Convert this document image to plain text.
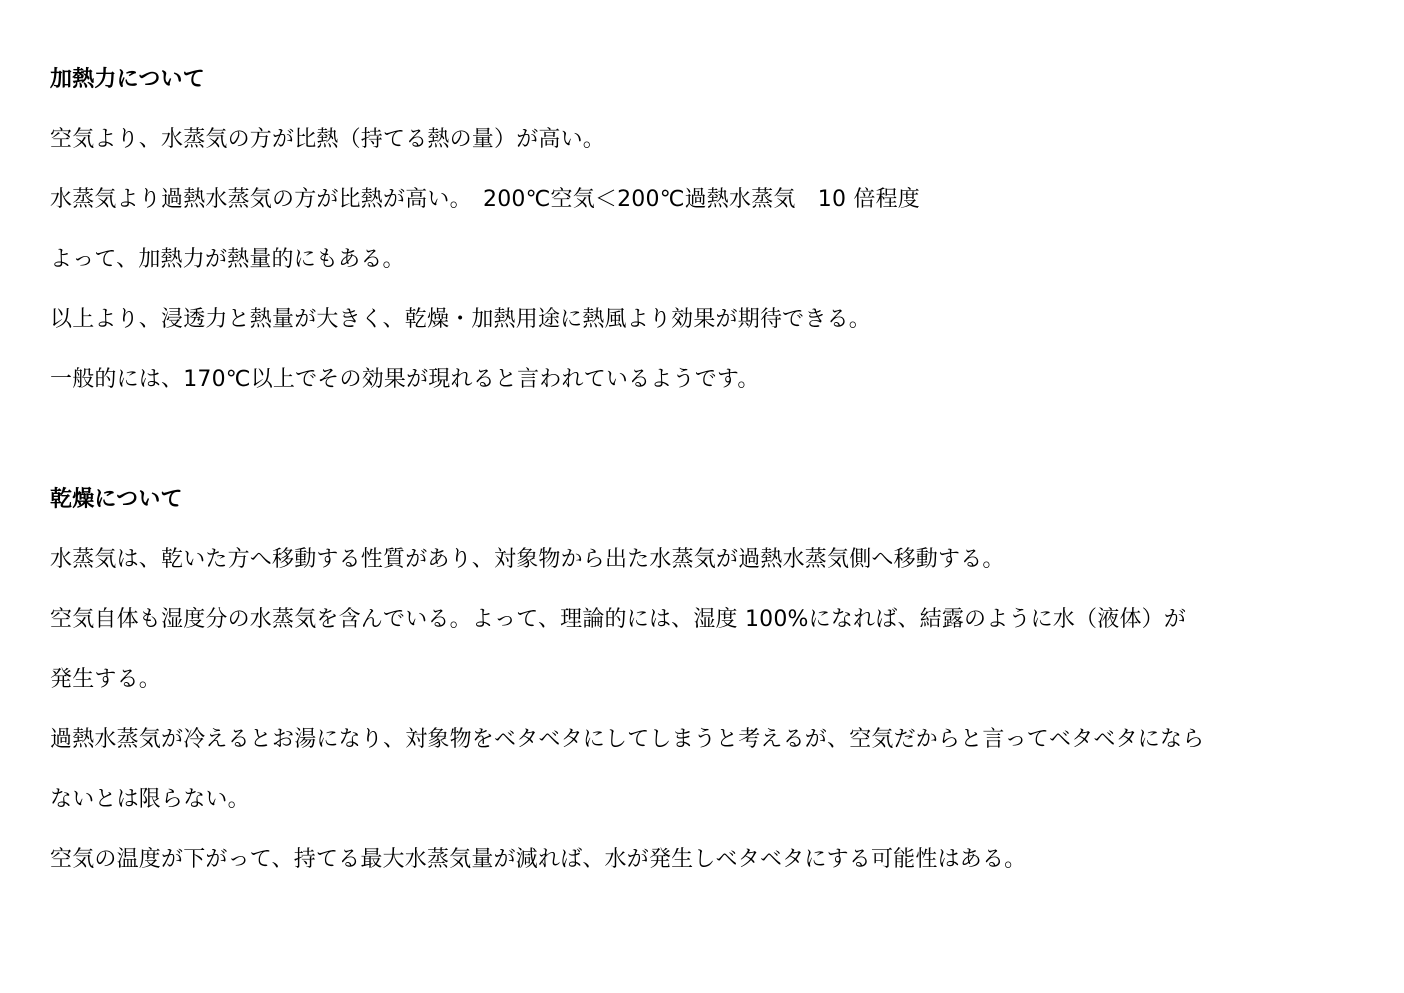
加熱力について
空気より、水蒸気の方が比熱（持てる熱の量）が高い。
水蒸気より過熱水蒸気の方が比熱が高い。　200℃空気＜200℃過熱水蒸気　10 倍程度
よって、加熱力が熱量的にもある。
以上より、浸透力と熱量が大きく、乾燥・加熱用途に熱風より効果が期待できる。
一般的には、170℃以上でその効果が現れると言われているようです。
乾燥について
水蒸気は、乾いた方へ移動する性質があり、対象物から出た水蒸気が過熱水蒸気側へ移動する。
空気自体も湿度分の水蒸気を含んでいる。よって、理論的には、湿度 100%になれば、結露のように水（液体）が
発生する。
過熱水蒸気が冷えるとお湯になり、対象物をベタベタにしてしまうと考えるが、空気だからと言ってベタベタになら
ないとは限らない。
空気の温度が下がって、持てる最大水蒸気量が減れば、水が発生しベタベタにする可能性はある。
